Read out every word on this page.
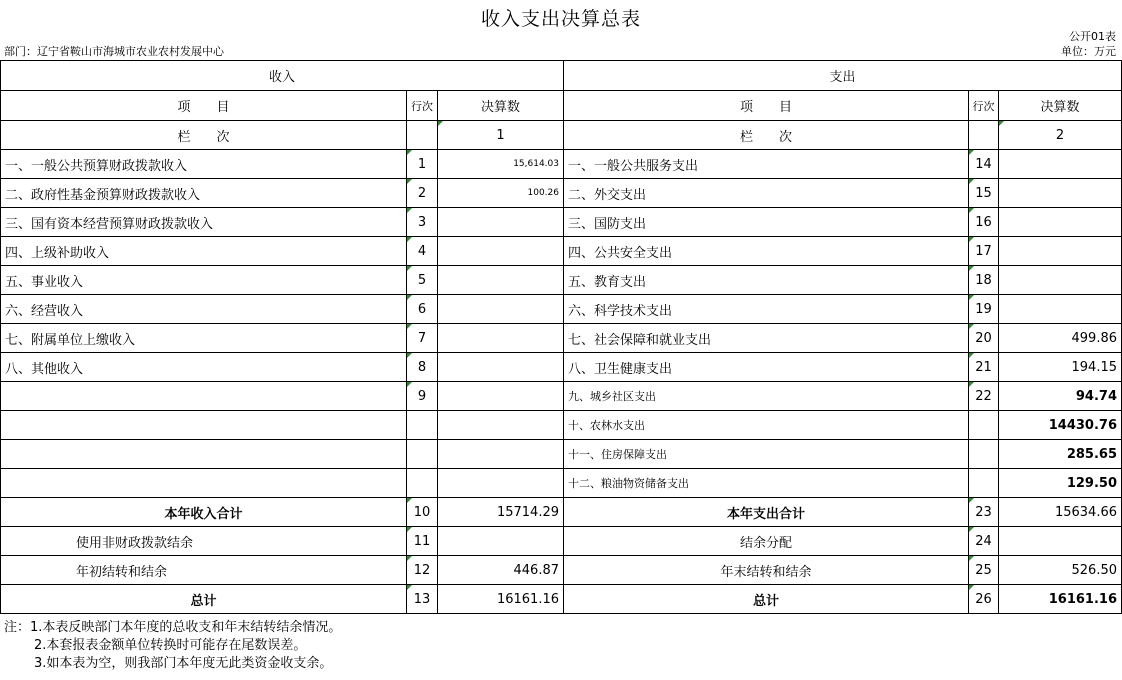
收入支出决算总表
公开01表
部门：辽宁省鞍山市海城市农业农村发展中心	单位：万元
收入			支出		
项　　目	行次	决算数	项　　目	行次	决算数
栏　　次		1	栏　　次		2
一、一般公共预算财政拨款收入	1	15,614.03	一、一般公共服务支出	14	
二、政府性基金预算财政拨款收入	2	100.26	二、外交支出	15	
三、国有资本经营预算财政拨款收入	3		三、国防支出	16	
四、上级补助收入	4		四、公共安全支出	17	
五、事业收入	5		五、教育支出	18	
六、经营收入	6		六、科学技术支出	19	
七、附属单位上缴收入	7		七、社会保障和就业支出	20	499.86
八、其他收入	8		八、卫生健康支出	21	194.15
	9		九、城乡社区支出	22	94.74
			十、农林水支出		14430.76
			十一、住房保障支出		285.65
			十二、粮油物资储备支出		129.50
本年收入合计	10	15714.29	本年支出合计	23	15634.66
使用非财政拨款结余	11		结余分配	24	
年初结转和结余	12	446.87	年末结转和结余	25	526.50
总计	13	16161.16	总计	26	16161.16
注：1.本表反映部门本年度的总收支和年末结转结余情况。
2.本套报表金额单位转换时可能存在尾数误差。
3.如本表为空，则我部门本年度无此类资金收支余。
